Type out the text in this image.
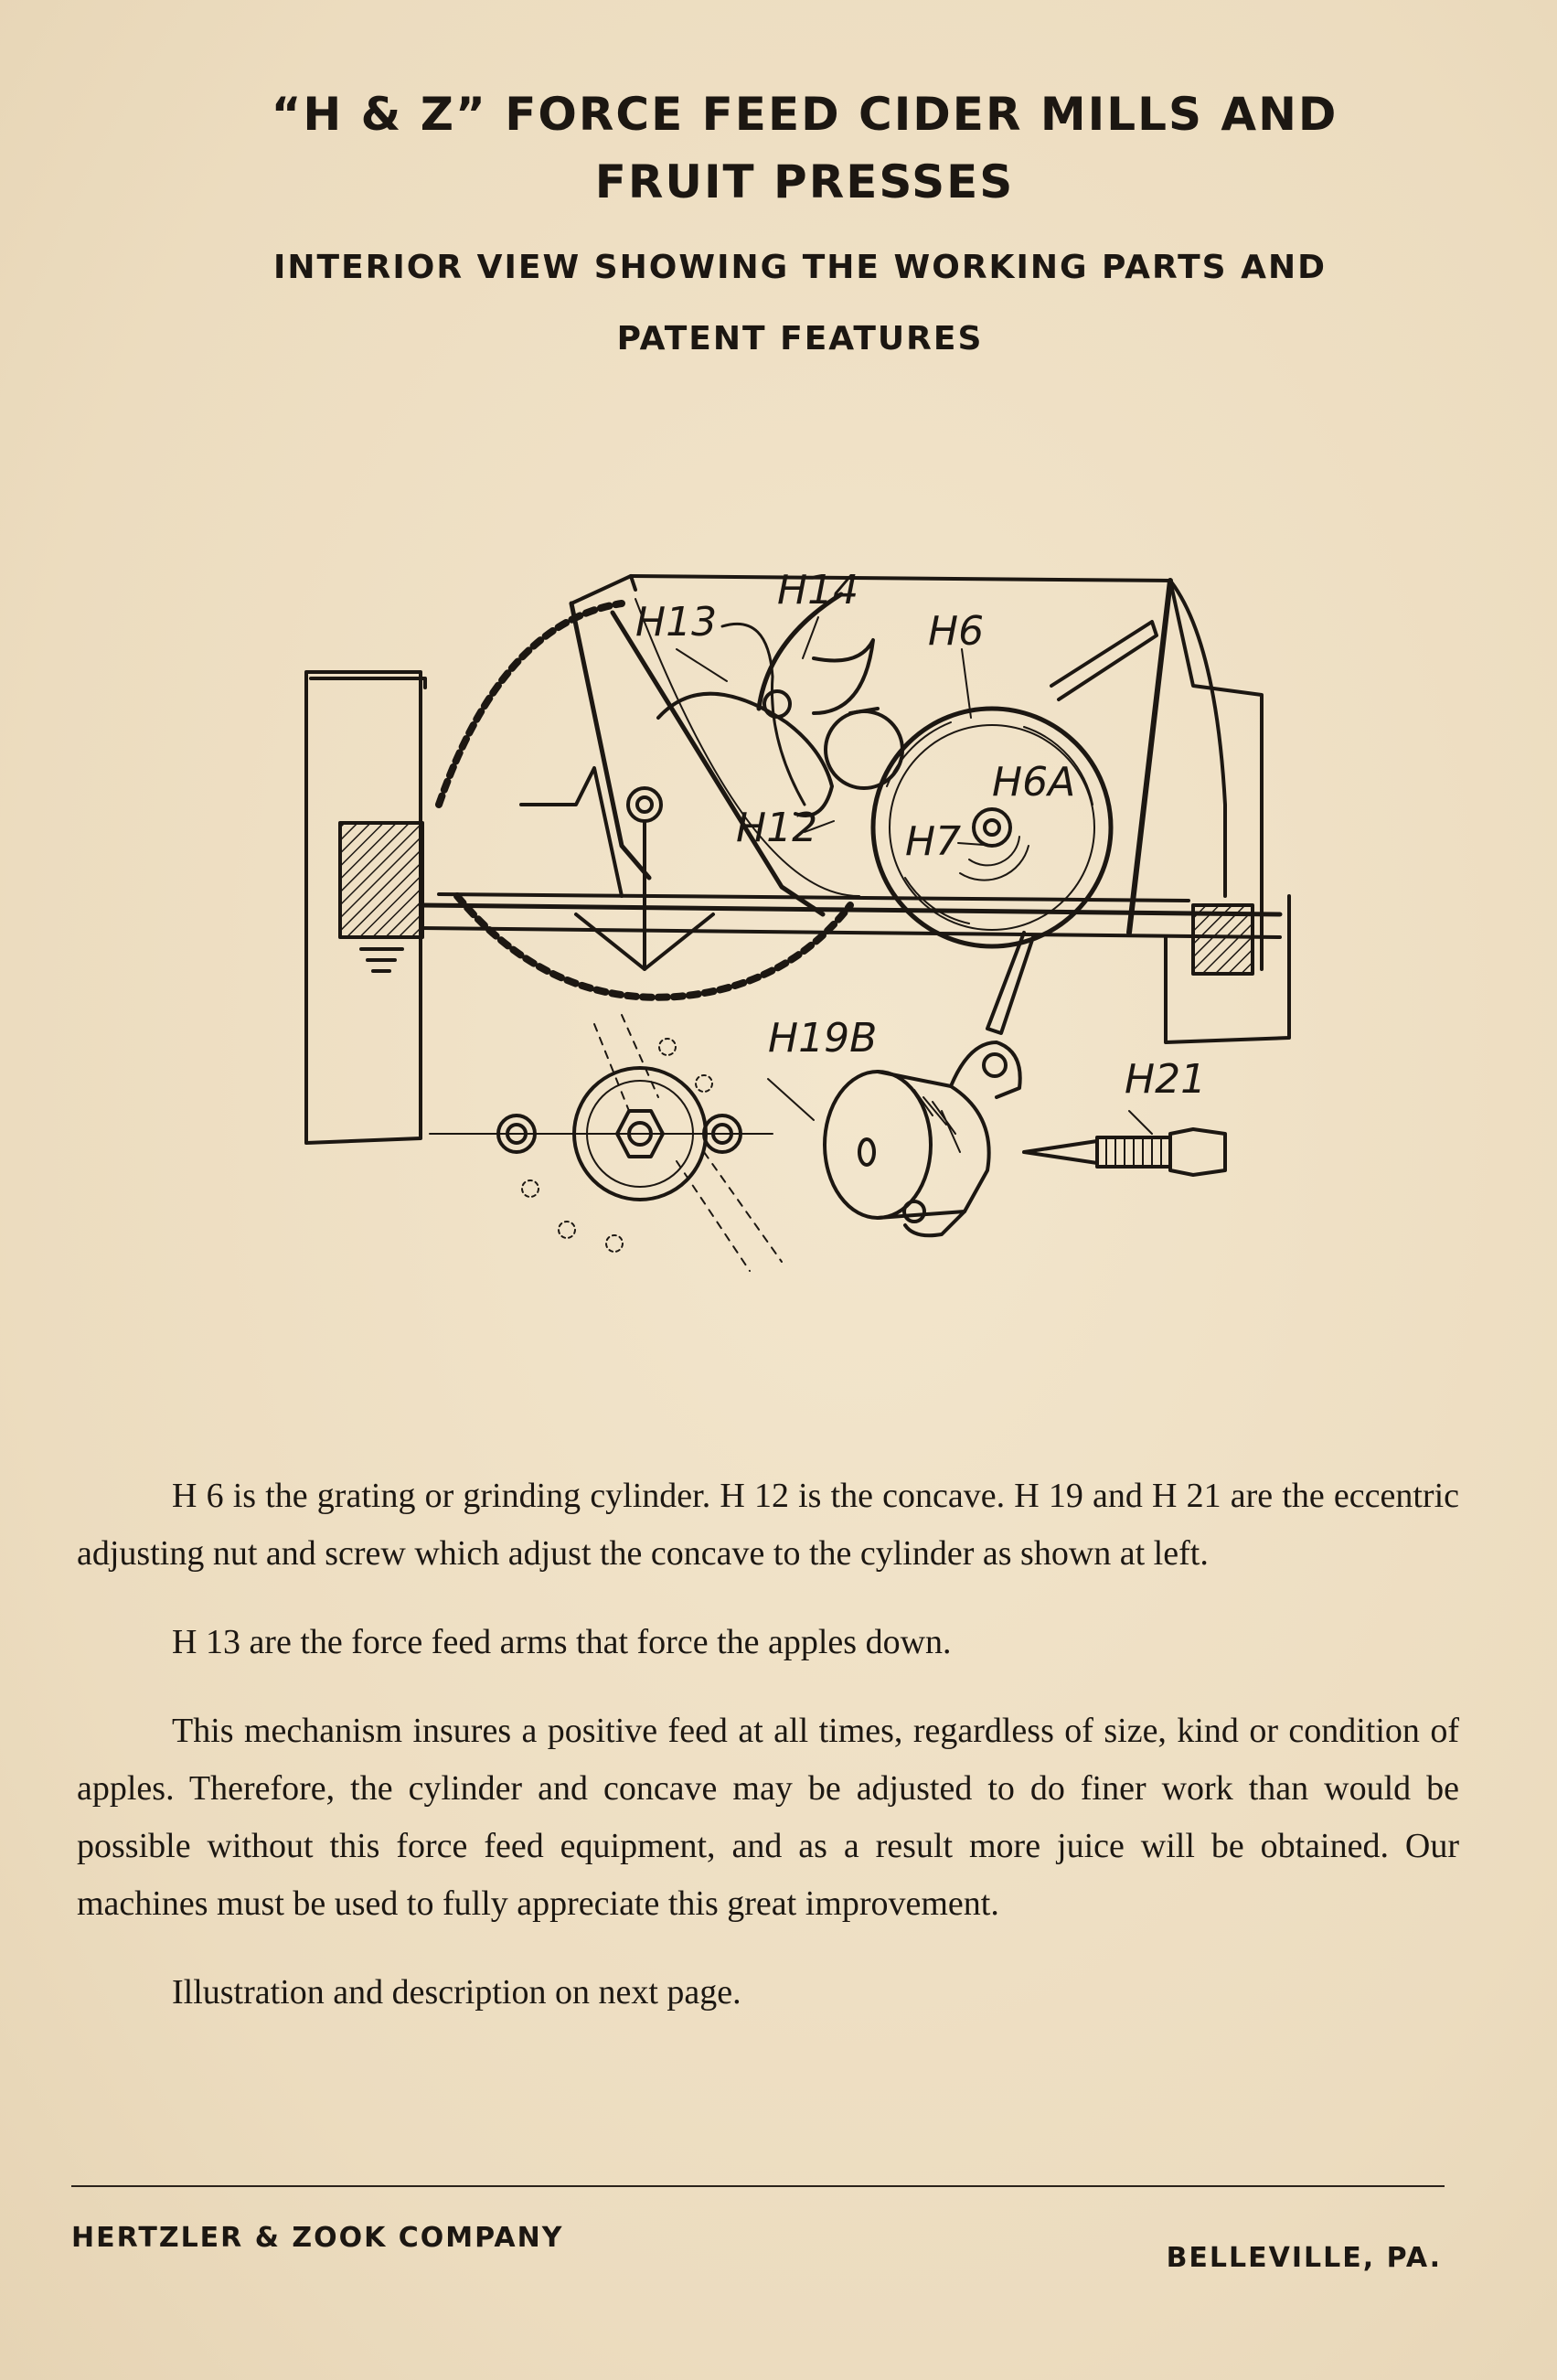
“H & Z” FORCE FEED CIDER MILLS AND
FRUIT PRESSES
INTERIOR VIEW SHOWING THE WORKING PARTS AND
PATENT FEATURES
H13
H14
H6
H6A
H12 H7
H19B
H21

H 6 is the grating or grinding cylinder. H 12 is the concave. H 19 and H 21 are the eccentric adjusting nut and screw which adjust the concave to the cylinder as shown at left.

H 13 are the force feed arms that force the apples down.

This mechanism insures a positive feed at all times, regardless of size, kind or condition of apples. Therefore, the cylinder and concave may be adjusted to do finer work than would be possible without this force feed equipment, and as a result more juice will be obtained. Our machines must be used to fully appreciate this great improvement.

Illustration and description on next page.

HERTZLER & ZOOK COMPANY
BELLEVILLE, PA.
